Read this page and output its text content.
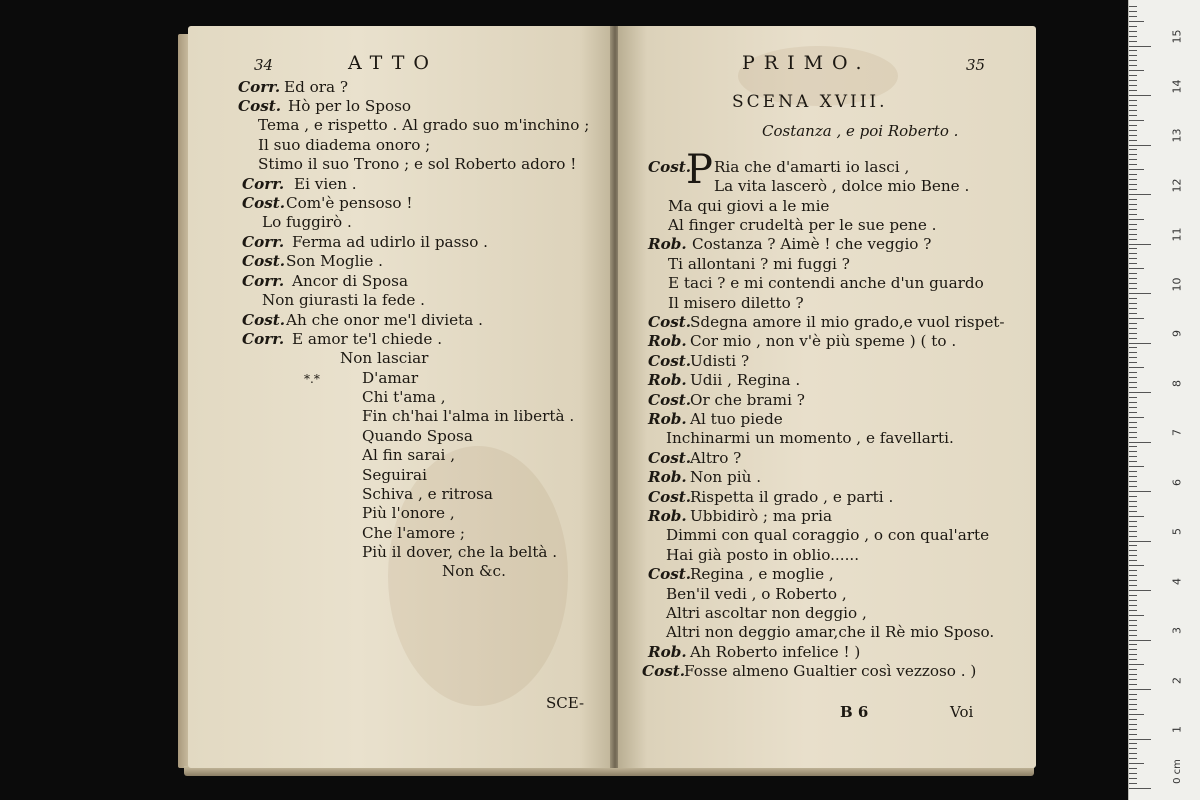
34	ATTO
Corr. Ed ora ?
Cost. Hò per lo Sposo
Tema , e rispetto . Al grado suo m'inchino ;
Il suo diadema onoro ;
Stimo il suo Trono ; e sol Roberto adoro !
Corr. Ei vien .
Cost. Com'è pensoso !
Lo fuggirò .
Corr. Ferma ad udirlo il passo .
Cost. Son Moglie .
Corr. Ancor di Sposa
Non giurasti la fede .
Cost. Ah che onor me'l divieta .
Corr. E amor te'l chiede .
Non lasciar
*.*	D'amar
Chi t'ama ,
Fin ch'hai l'alma in libertà .
Quando Sposa
Al fin sarai ,
Seguirai
Schiva , e ritrosa
Più l'onore ,
Che l'amore ;
Più il dover, che la beltà .
Non &c.
SCE-
PRIMO.	35
SCENA XVIII.
Costanza , e poi Roberto .
Cost.
P Ria che d'amarti io lasci ,
La vita lascerò , dolce mio Bene .
Ma qui giovi a le mie
Al finger crudeltà per le sue pene .
Rob. Costanza ? Aimè ! che veggio ?
Ti allontani ? mi fuggi ?
E taci ? e mi contendi anche d'un guardo
Il misero diletto ?
Cost.
Sdegna amore il mio grado,e vuol rispet-
Rob. Cor mio , non v'è più speme ) ( to .
Cost.
Udisti ?
Rob. Udii , Regina .
Cost.
Or che brami ?
Rob. Al tuo piede
Inchinarmi un momento , e favellarti.
Cost.
Altro ?
Rob. Non più .
Cost.
Rispetta il grado , e parti .
Rob. Ubbidirò ; ma pria
Dimmi con qual coraggio , o con qual'arte
Hai già posto in oblio......
Cost.
Regina , e moglie ,
Ben'il vedi , o Roberto ,
Altri ascoltar non deggio ,
Altri non deggio amar,che il Rè mio Sposo.
Rob. Ah Roberto infelice ! )
Cost.
Fosse almeno Gualtier così vezzoso . )
B 6	Voi
15
14
13
12
11
10
9
8
7
6
5
4
3
2
1
0 cm
